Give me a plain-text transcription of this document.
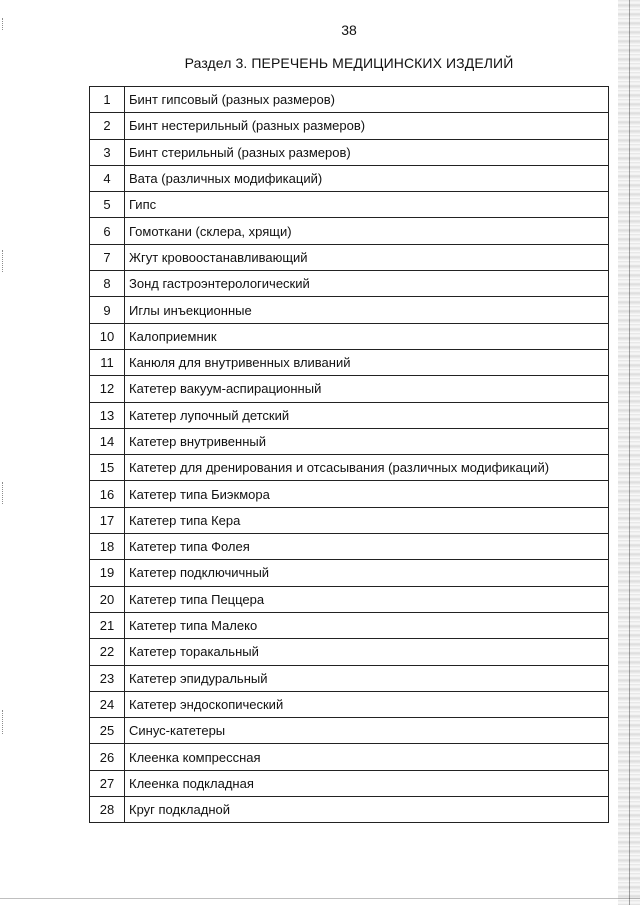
38
Раздел 3. ПЕРЕЧЕНЬ МЕДИЦИНСКИХ ИЗДЕЛИЙ
1	Бинт гипсовый (разных размеров)
2	Бинт нестерильный (разных размеров)
3	Бинт стерильный (разных размеров)
4	Вата (различных модификаций)
5	Гипс
6	Гомоткани (склера, хрящи)
7	Жгут кровоостанавливающий
8	Зонд гастроэнтерологический
9	Иглы инъекционные
10	Калоприемник
11	Канюля для внутривенных вливаний
12	Катетер вакуум-аспирационный
13	Катетер лупочный детский
14	Катетер внутривенный
15	Катетер для дренирования и отсасывания (различных модификаций)
16	Катетер типа Биэкмора
17	Катетер типа Кера
18	Катетер типа Фолея
19	Катетер подключичный
20	Катетер типа Пеццера
21	Катетер типа Малеко
22	Катетер торакальный
23	Катетер эпидуральный
24	Катетер эндоскопический
25	Синус-катетеры
26	Клеенка компрессная
27	Клеенка подкладная
28	Круг подкладной
